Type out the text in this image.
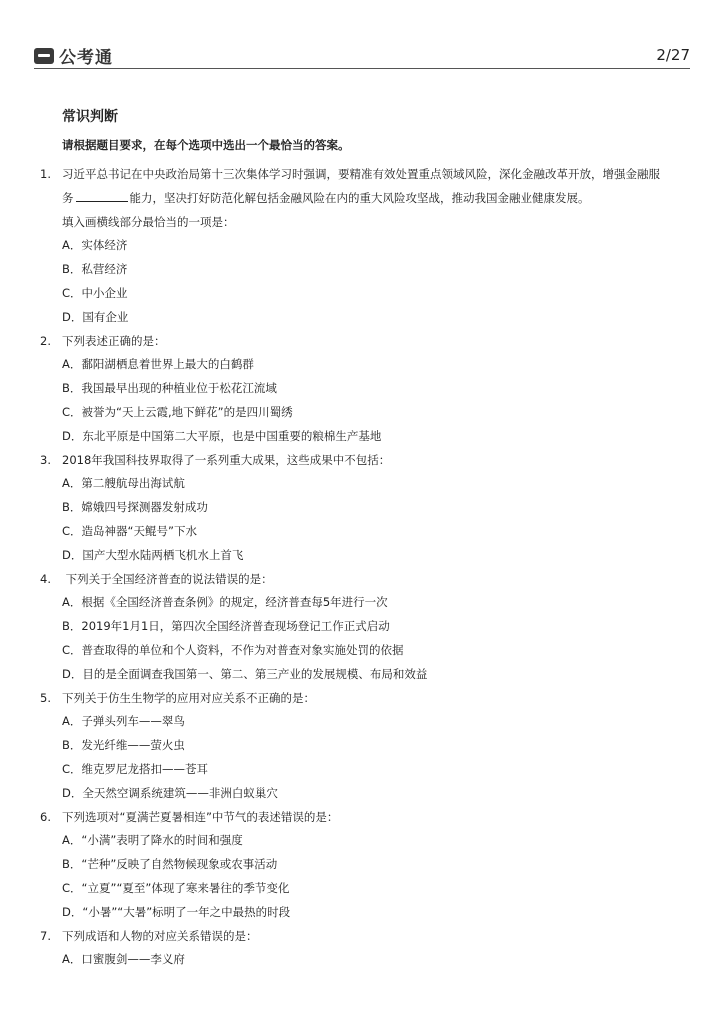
公考通	2/27
常识判断
请根据题目要求，在每个选项中选出一个最恰当的答案。
1. 习近平总书记在中央政治局第十三次集体学习时强调，要精准有效处置重点领域风险，深化金融改革开放，增强金融服
务	能力，坚决打好防范化解包括金融风险在内的重大风险攻坚战，推动我国金融业健康发展。
填入画横线部分最恰当的一项是：
A．实体经济
B．私营经济
C．中小企业
D．国有企业
2. 下列表述正确的是：
A．鄱阳湖栖息着世界上最大的白鹤群
B．我国最早出现的种植业位于松花江流域
C．被誉为“天上云霞,地下鲜花”的是四川蜀绣
D．东北平原是中国第二大平原，也是中国重要的粮棉生产基地
3. 2018年我国科技界取得了一系列重大成果，这些成果中不包括：
A．第二艘航母出海试航
B．嫦娥四号探测器发射成功
C．造岛神器“天鲲号”下水
D．国产大型水陆两栖飞机水上首飞
4. 下列关于全国经济普查的说法错误的是：
A．根据《全国经济普查条例》的规定，经济普查每5年进行一次
B．2019年1月1日，第四次全国经济普查现场登记工作正式启动
C．普查取得的单位和个人资料，不作为对普查对象实施处罚的依据
D．目的是全面调查我国第一、第二、第三产业的发展规模、布局和效益
5. 下列关于仿生生物学的应用对应关系不正确的是：
A．子弹头列车——翠鸟
B．发光纤维——萤火虫
C．维克罗尼龙搭扣——苍耳
D．全天然空调系统建筑——非洲白蚁巢穴
6. 下列选项对“夏满芒夏暑相连”中节气的表述错误的是：
A．“小满”表明了降水的时间和强度
B．“芒种”反映了自然物候现象或农事活动
C．“立夏”“夏至”体现了寒来暑往的季节变化
D．“小暑”“大暑”标明了一年之中最热的时段
7. 下列成语和人物的对应关系错误的是：
A．口蜜腹剑——李义府
